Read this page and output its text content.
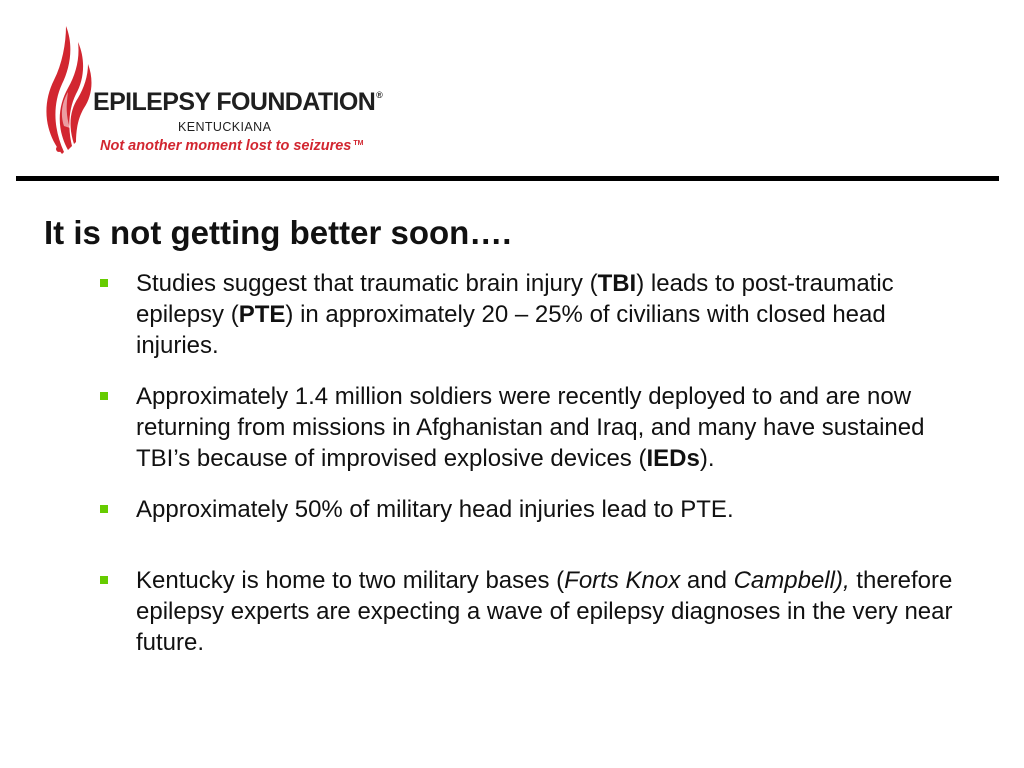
EPILEPSY FOUNDATION®
KENTUCKIANA
Not another moment lost to seizures ™
It is not getting better soon….
Studies suggest that traumatic brain injury (TBI) leads to post-traumatic epilepsy (PTE) in approximately 20 – 25% of civilians with closed head injuries.
Approximately 1.4 million soldiers were recently deployed to and are now returning from missions in Afghanistan and Iraq, and many have sustained TBI’s because of improvised explosive devices (IEDs).
Approximately 50% of military head injuries lead to PTE.
Kentucky is home to two military bases (Forts Knox and Campbell), therefore epilepsy experts are expecting a wave of epilepsy diagnoses in the very near future.
